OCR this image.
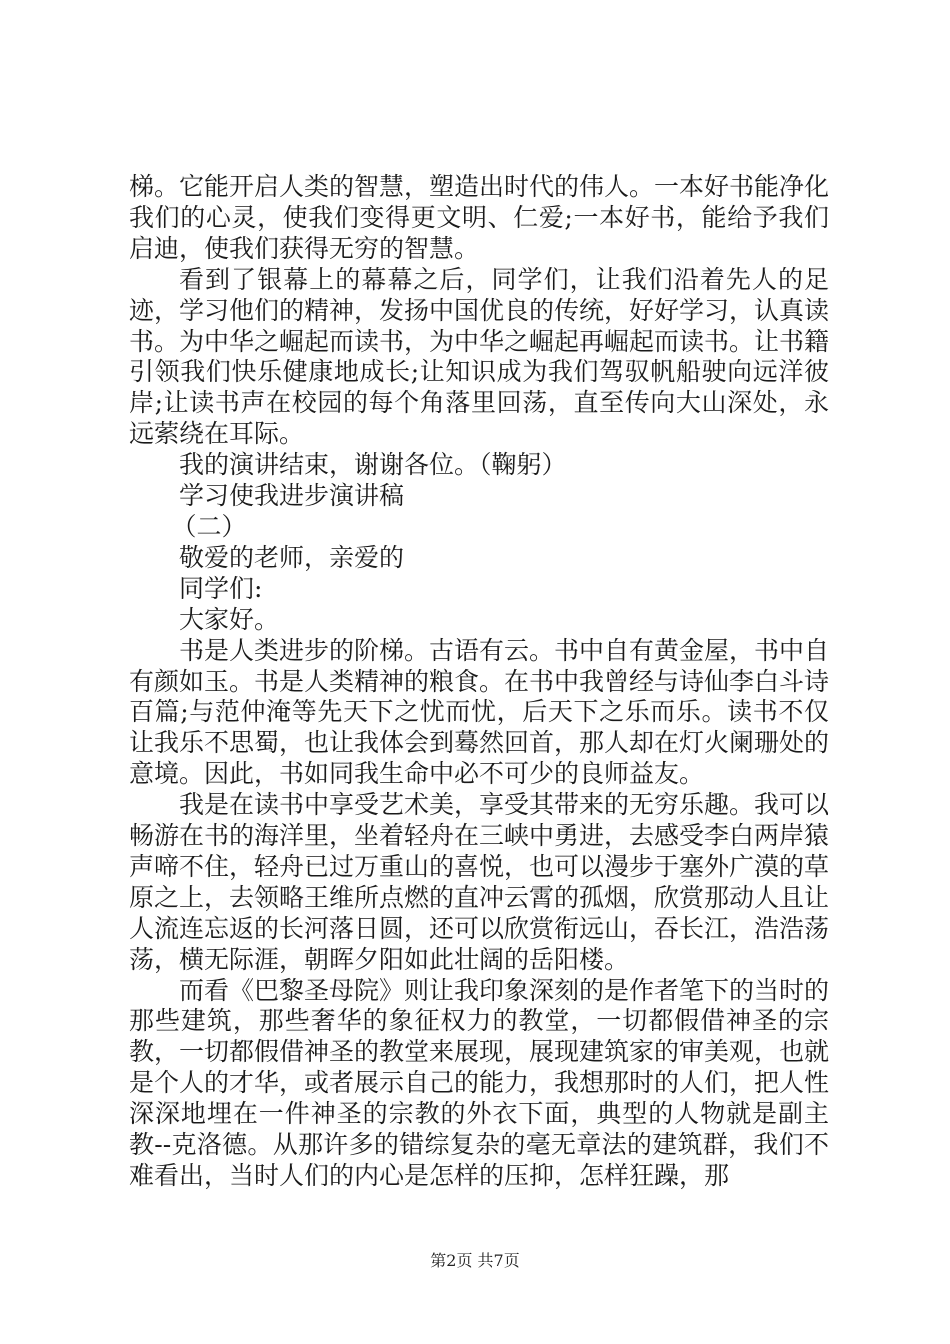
梯。它能开启人类的智慧，塑造出时代的伟人。一本好书能净化我们的心灵，使我们变得更文明、仁爱;一本好书，能给予我们启迪，使我们获得无穷的智慧。

看到了银幕上的幕幕之后，同学们，让我们沿着先人的足迹，学习他们的精神，发扬中国优良的传统，好好学习，认真读书。为中华之崛起而读书，为中华之崛起再崛起而读书。让书籍引领我们快乐健康地成长;让知识成为我们驾驭帆船驶向远洋彼岸;让读书声在校园的每个角落里回荡，直至传向大山深处，永远萦绕在耳际。

我的演讲结束，谢谢各位。（鞠躬）

学习使我进步演讲稿

（二）

敬爱的老师，亲爱的

同学们:

大家好。

书是人类进步的阶梯。古语有云。书中自有黄金屋，书中自有颜如玉。书是人类精神的粮食。在书中我曾经与诗仙李白斗诗百篇;与范仲淹等先天下之忧而忧，后天下之乐而乐。读书不仅让我乐不思蜀，也让我体会到蓦然回首，那人却在灯火阑珊处的意境。因此，书如同我生命中必不可少的良师益友。

我是在读书中享受艺术美，享受其带来的无穷乐趣。我可以畅游在书的海洋里，坐着轻舟在三峡中勇进，去感受李白两岸猿声啼不住，轻舟已过万重山的喜悦，也可以漫步于塞外广漠的草原之上，去领略王维所点燃的直冲云霄的孤烟，欣赏那动人且让人流连忘返的长河落日圆，还可以欣赏衔远山，吞长江，浩浩荡荡，横无际涯，朝晖夕阳如此壮阔的岳阳楼。

而看《巴黎圣母院》则让我印象深刻的是作者笔下的当时的那些建筑，那些奢华的象征权力的教堂，一切都假借神圣的宗教，一切都假借神圣的教堂来展现，展现建筑家的审美观，也就是个人的才华，或者展示自己的能力，我想那时的人们，把人性深深地埋在一件神圣的宗教的外衣下面，典型的人物就是副主教--克洛德。从那许多的错综复杂的毫无章法的建筑群，我们不难看出，当时人们的内心是怎样的压抑，怎样狂躁，那

第2页 共7页
